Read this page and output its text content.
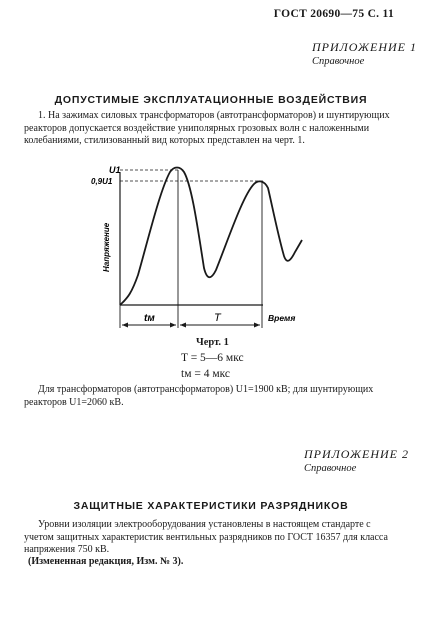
ГОСТ 20690—75 С. 11
ПРИЛОЖЕНИЕ 1
Справочное
ДОПУСТИМЫЕ ЭКСПЛУАТАЦИОННЫЕ ВОЗДЕЙСТВИЯ
1. На зажимах силовых трансформаторов (автотрансформаторов) и шунтирующих реакторов допускается воздействие униполярных грозовых волн с наложенными колебаниями, стилизованный вид которых представлен на черт. 1.
U1
0,9U1
Напряжение
Время
tм	T
Черт. 1
T = 5—6 мкс
tм = 4 мкс
Для трансформаторов (автотрансформаторов) U1=1900 кВ; для шунтирующих реакторов U1=2060 кВ.
ПРИЛОЖЕНИЕ 2
Справочное
ЗАЩИТНЫЕ ХАРАКТЕРИСТИКИ РАЗРЯДНИКОВ
Уровни изоляции электрооборудования установлены в настоящем стандарте с учетом защитных характеристик вентильных разрядников по ГОСТ 16357 для класса напряжения 750 кВ.
(Измененная редакция, Изм. № 3).
